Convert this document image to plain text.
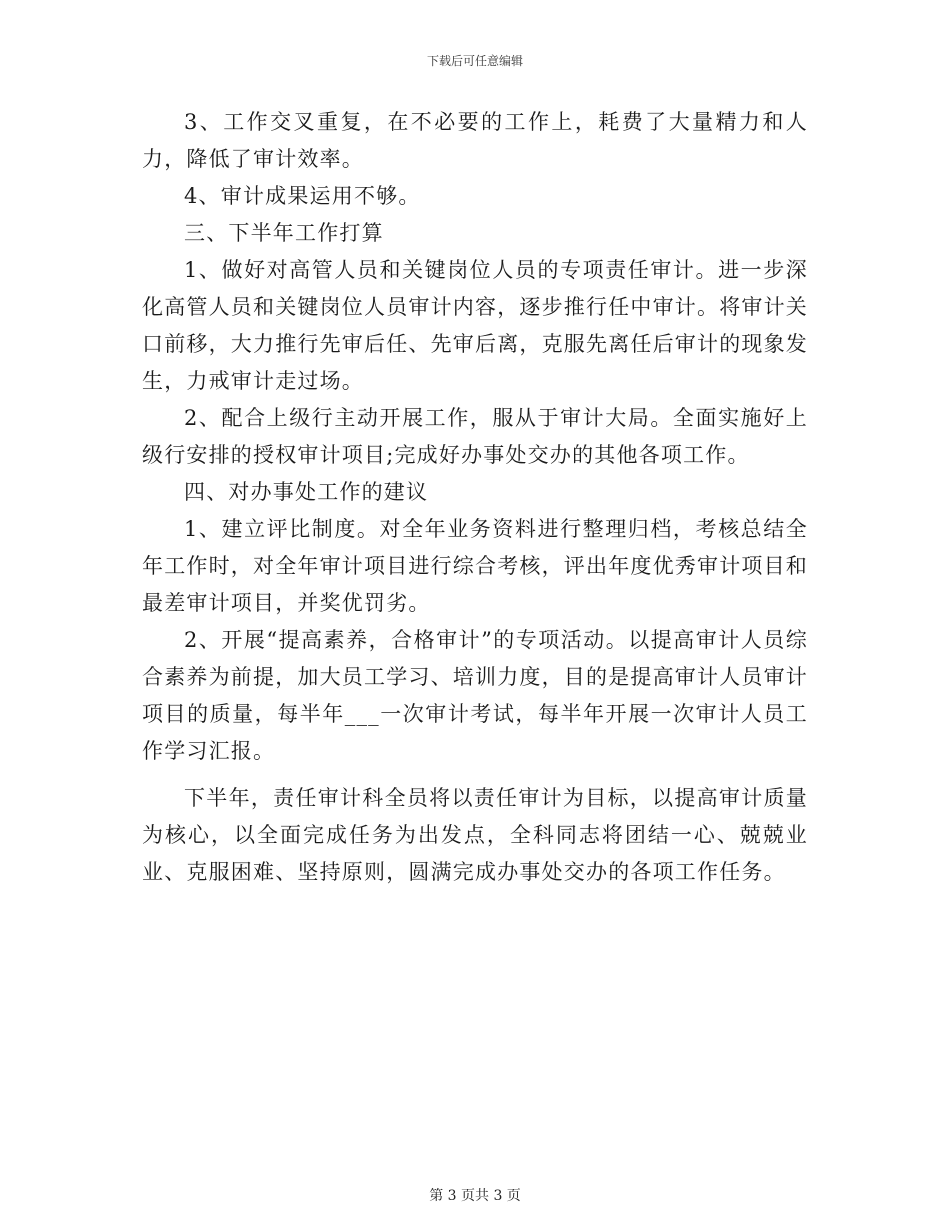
下载后可任意编辑

3、工作交叉重复，在不必要的工作上，耗费了大量精力和人力，降低了审计效率。

4、审计成果运用不够。

三、下半年工作打算

1、做好对高管人员和关键岗位人员的专项责任审计。进一步深化高管人员和关键岗位人员审计内容，逐步推行任中审计。将审计关口前移，大力推行先审后任、先审后离，克服先离任后审计的现象发生，力戒审计走过场。

2、配合上级行主动开展工作，服从于审计大局。全面实施好上级行安排的授权审计项目;完成好办事处交办的其他各项工作。

四、对办事处工作的建议

1、建立评比制度。对全年业务资料进行整理归档，考核总结全年工作时，对全年审计项目进行综合考核，评出年度优秀审计项目和最差审计项目，并奖优罚劣。

2、开展“提高素养，合格审计”的专项活动。以提高审计人员综合素养为前提，加大员工学习、培训力度，目的是提高审计人员审计项目的质量，每半年___一次审计考试，每半年开展一次审计人员工作学习汇报。

下半年，责任审计科全员将以责任审计为目标，以提高审计质量为核心，以全面完成任务为出发点，全科同志将团结一心、兢兢业业、克服困难、坚持原则，圆满完成办事处交办的各项工作任务。

第 3 页共 3 页
